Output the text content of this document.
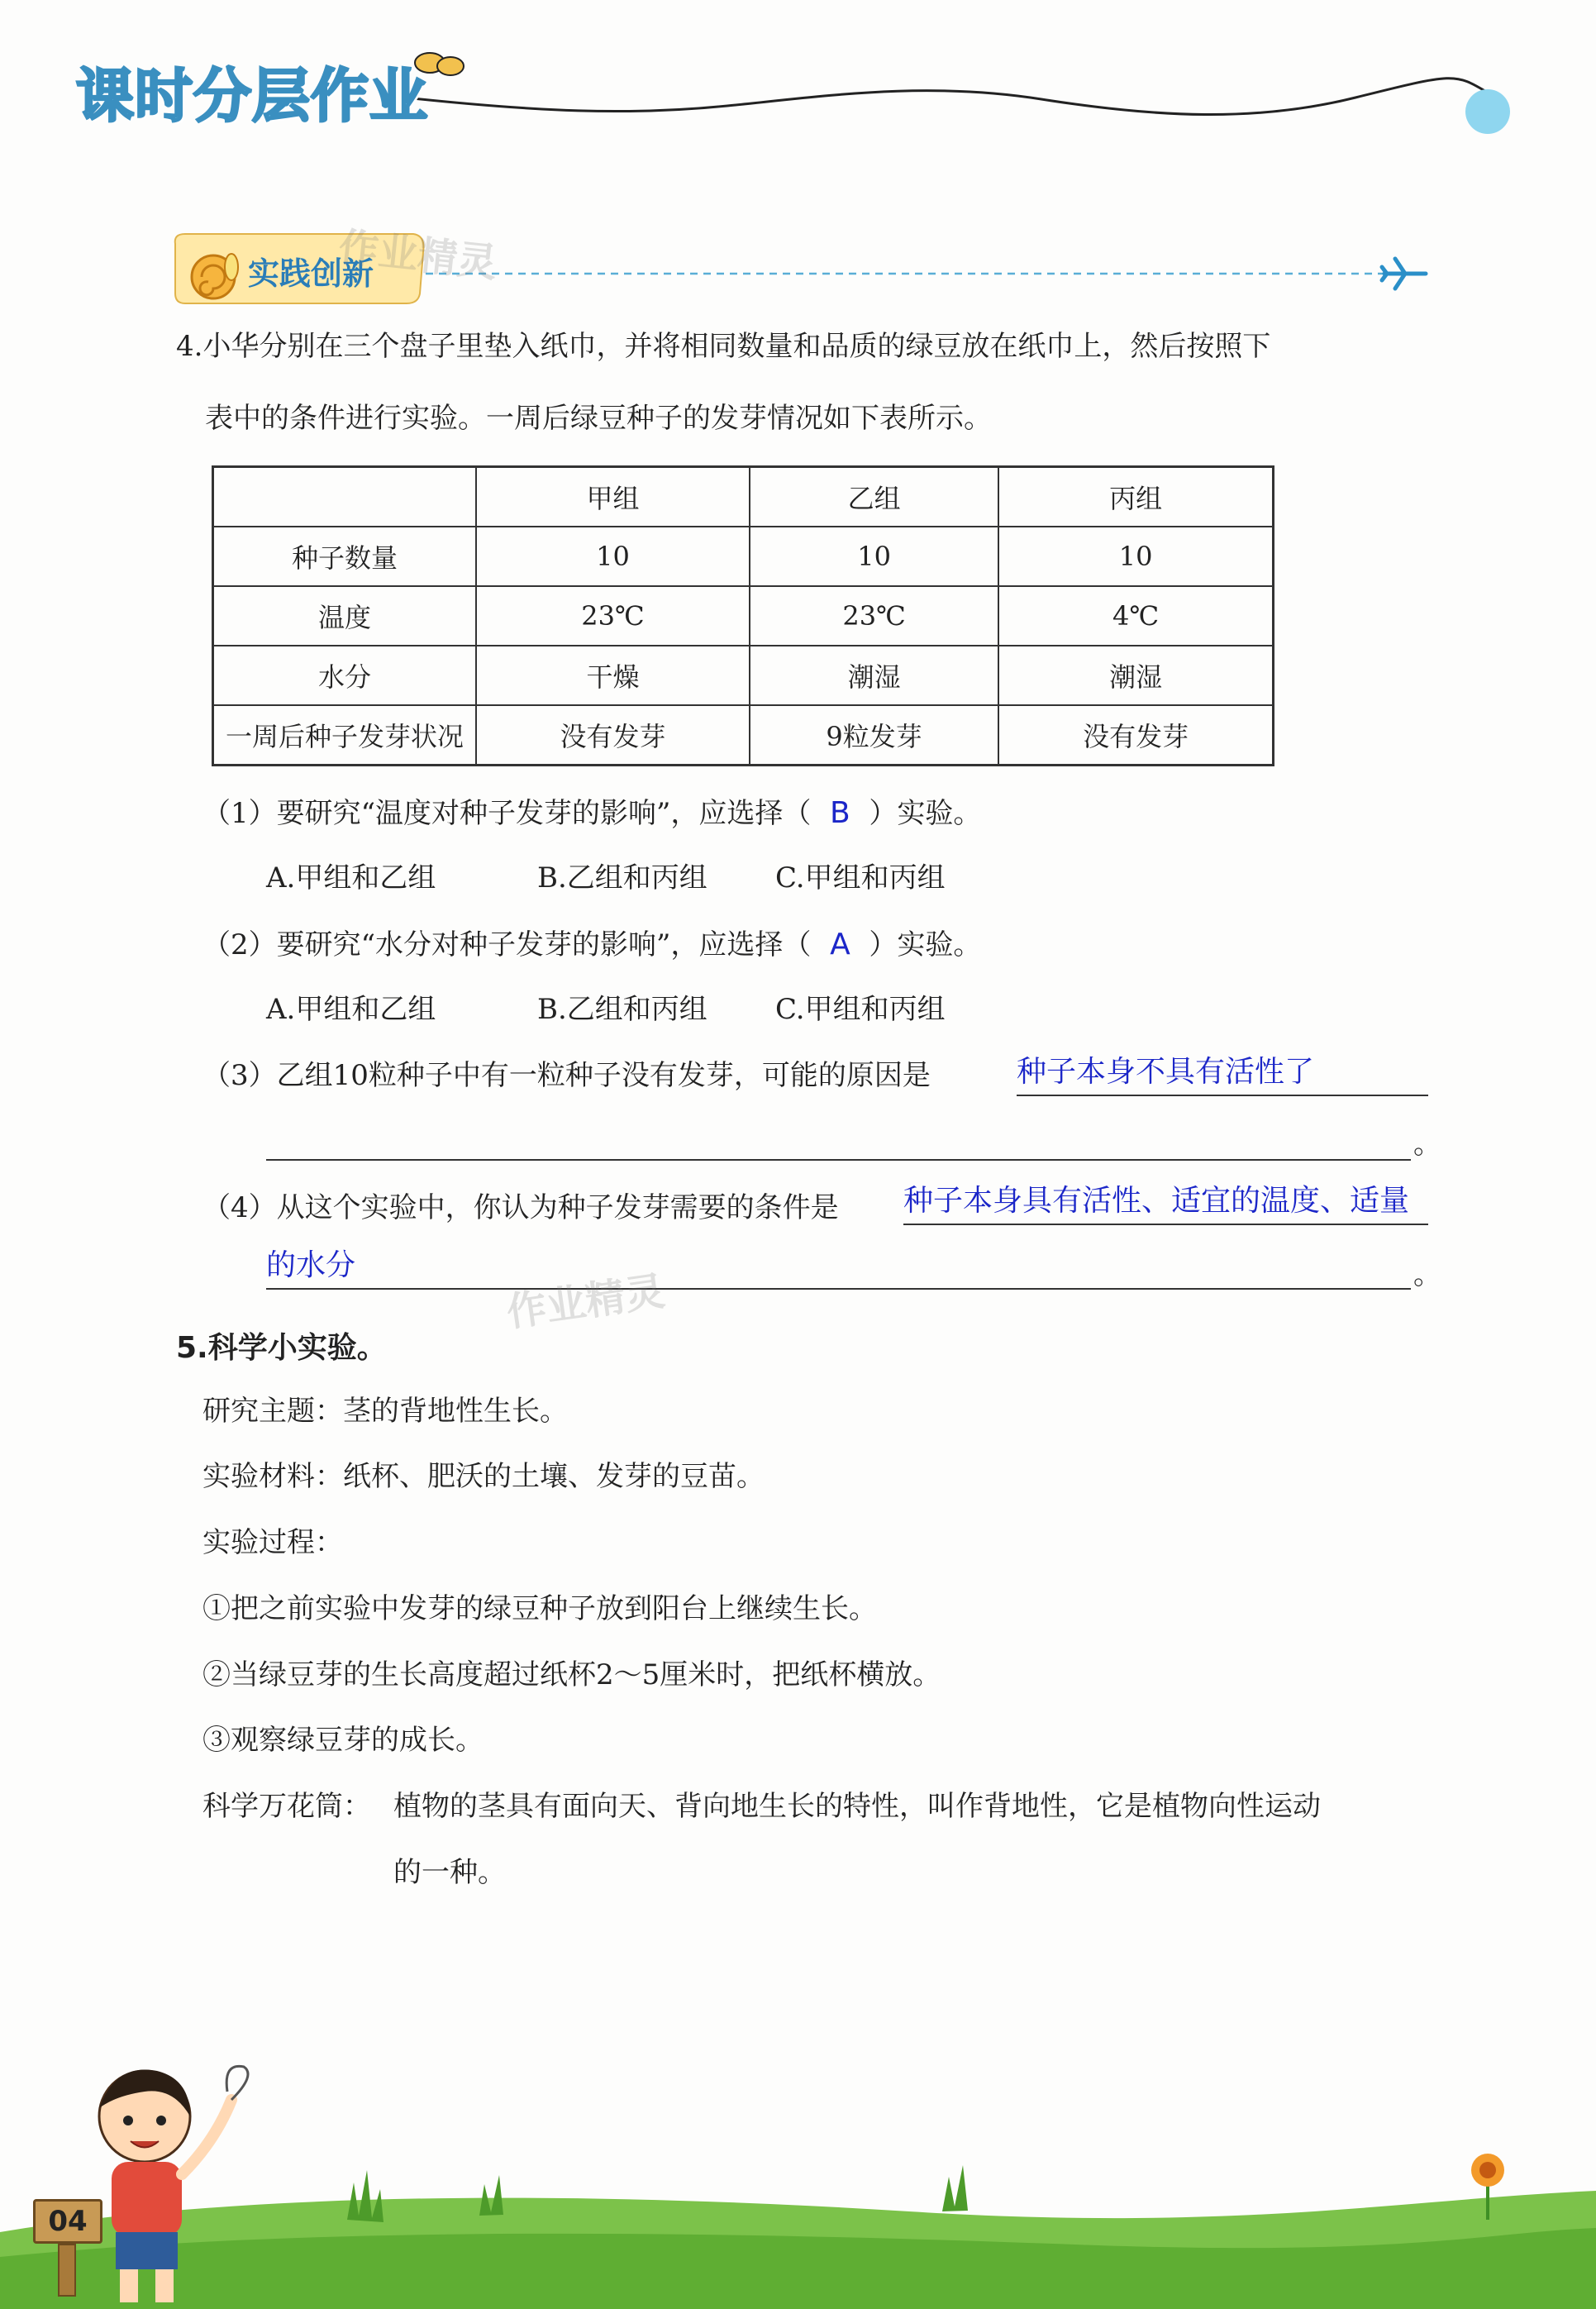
课时分层作业
实践创新
作业精灵
4.小华分别在三个盘子里垫入纸巾，并将相同数量和品质的绿豆放在纸巾上，然后按照下
表中的条件进行实验。一周后绿豆种子的发芽情况如下表所示。
	甲组	乙组	丙组
种子数量	10	10	10
温度	23℃	23℃	4℃
水分	干燥	潮湿	潮湿
一周后种子发芽状况	没有发芽	9粒发芽	没有发芽
（1）要研究“温度对种子发芽的影响”，应选择（ B ）实验。
A.甲组和乙组	B.乙组和丙组 C.甲组和丙组
（2）要研究“水分对种子发芽的影响”，应选择（ A ）实验。
A.甲组和乙组	B.乙组和丙组 C.甲组和丙组
（3）乙组10粒种子中有一粒种子没有发芽，可能的原因是	种子本身不具有活性了
。
（4）从这个实验中，你认为种子发芽需要的条件是 种子本身具有活性、适宜的温度、适量
的水分	。
作业精灵
5.科学小实验。
研究主题：茎的背地性生长。
实验材料：纸杯、肥沃的土壤、发芽的豆苗。
实验过程：
①把之前实验中发芽的绿豆种子放到阳台上继续生长。
②当绿豆芽的生长高度超过纸杯2～5厘米时，把纸杯横放。
③观察绿豆芽的成长。
科学万花筒： 植物的茎具有面向天、背向地生长的特性，叫作背地性，它是植物向性运动
的一种。
04
